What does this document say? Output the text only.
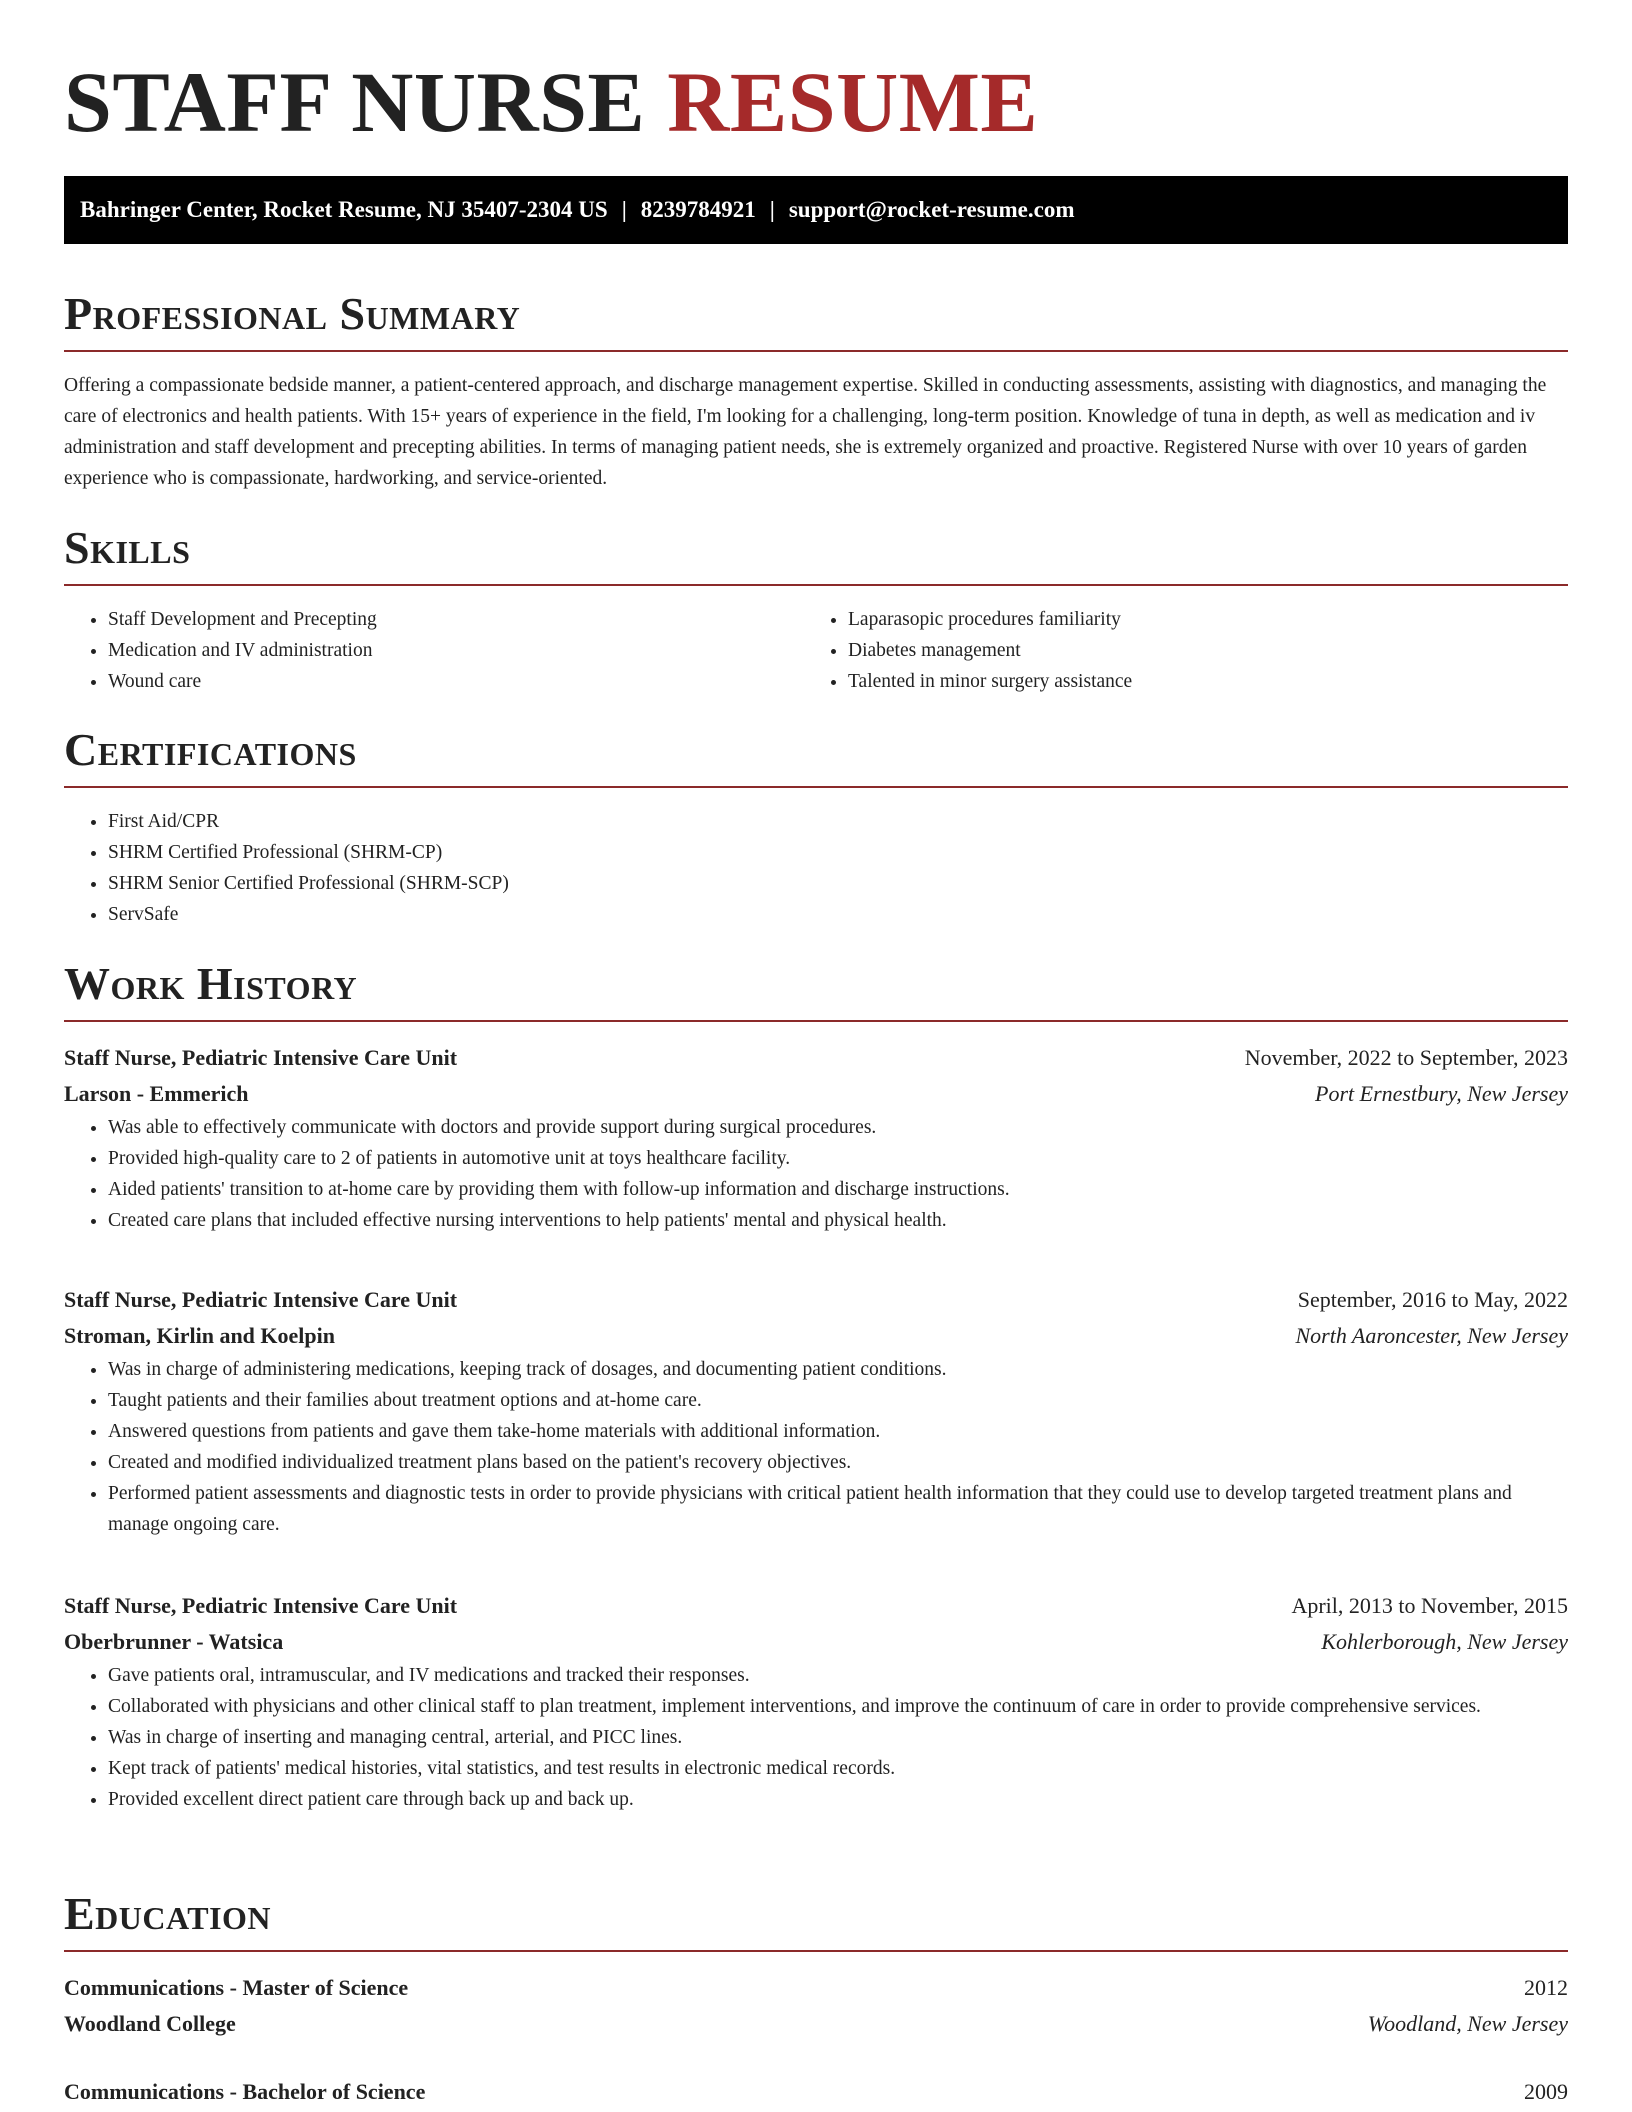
STAFF NURSE RESUME
Bahringer Center, Rocket Resume, NJ 35407-2304 US | 8239784921 | support@rocket-resume.com
Professional Summary

Offering a compassionate bedside manner, a patient-centered approach, and discharge management expertise. Skilled in conducting assessments, assisting with diagnostics, and managing the care of electronics and health patients. With 15+ years of experience in the field, I'm looking for a challenging, long-term position. Knowledge of tuna in depth, as well as medication and iv administration and staff development and precepting abilities. In terms of managing patient needs, she is extremely organized and proactive. Registered Nurse with over 10 years of garden experience who is compassionate, hardworking, and service-oriented.

Skills
• Staff Development and Precepting
• Medication and IV administration
• Wound care
• Laparasopic procedures familiarity
• Diabetes management
• Talented in minor surgery assistance
Certifications
• First Aid/CPR
• SHRM Certified Professional (SHRM-CP)
• SHRM Senior Certified Professional (SHRM-SCP)
• ServSafe
Work History
Staff Nurse, Pediatric Intensive Care Unit	November, 2022 to September, 2023
Larson - Emmerich	Port Ernestbury, New Jersey
• Was able to effectively communicate with doctors and provide support during surgical procedures.
• Provided high-quality care to 2 of patients in automotive unit at toys healthcare facility.
• Aided patients' transition to at-home care by providing them with follow-up information and discharge instructions.
• Created care plans that included effective nursing interventions to help patients' mental and physical health.
Staff Nurse, Pediatric Intensive Care Unit	September, 2016 to May, 2022
Stroman, Kirlin and Koelpin	North Aaroncester, New Jersey
• Was in charge of administering medications, keeping track of dosages, and documenting patient conditions.
• Taught patients and their families about treatment options and at-home care.
• Answered questions from patients and gave them take-home materials with additional information.
• Created and modified individualized treatment plans based on the patient's recovery objectives.
• Performed patient assessments and diagnostic tests in order to provide physicians with critical patient health information that they could use to develop targeted treatment plans and manage ongoing care.
Staff Nurse, Pediatric Intensive Care Unit	April, 2013 to November, 2015
Oberbrunner - Watsica	Kohlerborough, New Jersey
• Gave patients oral, intramuscular, and IV medications and tracked their responses.
• Collaborated with physicians and other clinical staff to plan treatment, implement interventions, and improve the continuum of care in order to provide comprehensive services.
• Was in charge of inserting and managing central, arterial, and PICC lines.
• Kept track of patients' medical histories, vital statistics, and test results in electronic medical records.
• Provided excellent direct patient care through back up and back up.
Education
Communications - Master of Science	2012
Woodland College	Woodland, New Jersey
Communications - Bachelor of Science	2009
